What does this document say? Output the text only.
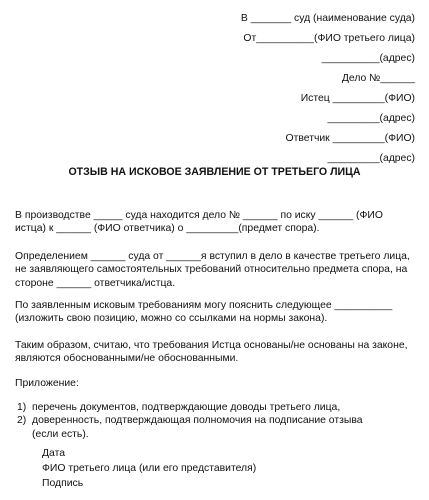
В _______ суд (наименование суда)
От__________(ФИО третьего лица)
__________(адрес)
Дело №______
Истец _________(ФИО)
_________(адрес)
Ответчик _________(ФИО)
_________(адрес)
ОТЗЫВ НА ИСКОВОЕ ЗАЯВЛЕНИЕ ОТ ТРЕТЬЕГО ЛИЦА
В производстве _____ суда находится дело № ______ по иску ______ (ФИО истца) к ______ (ФИО ответчика) о _________(предмет спора).
Определением ______ суда от ______я вступил в дело в качестве третьего лица, не заявляющего самостоятельных требований относительно предмета спора, на стороне ______ ответчика/истца.
По заявленным исковым требованиям могу пояснить следующее __________ (изложить свою позицию, можно со ссылками на нормы закона).
Таким образом, считаю, что требования Истца основаны/не основаны на законе, являются обоснованными/не обоснованными.
Приложение:
1) перечень документов, подтверждающие доводы третьего лица,
2) доверенность, подтверждающая полномочия на подписание отзыва (если есть).
Дата
ФИО третьего лица (или его представителя)
Подпись
